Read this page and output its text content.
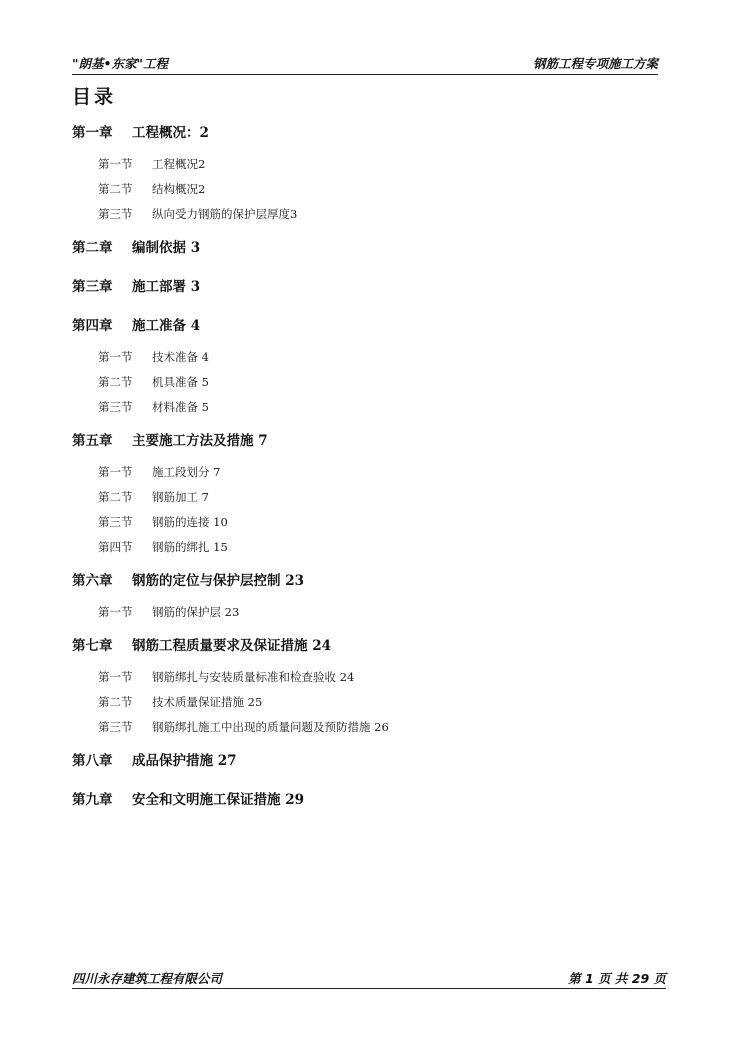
"朗基•东家"工程	钢筋工程专项施工方案
目录
第一章 工程概况：2
第一节 工程概况2
第二节 结构概况2
第三节 纵向受力钢筋的保护层厚度3
第二章 编制依据 3
第三章 施工部署 3
第四章 施工准备 4
第一节 技术准备 4
第二节 机具准备 5
第三节 材料准备 5
第五章 主要施工方法及措施 7
第一节 施工段划分 7
第二节 钢筋加工 7
第三节 钢筋的连接 10
第四节 钢筋的绑扎 15
第六章 钢筋的定位与保护层控制 23
第一节 钢筋的保护层 23
第七章 钢筋工程质量要求及保证措施 24
第一节 钢筋绑扎与安装质量标准和检查验收 24
第二节 技术质量保证措施 25
第三节 钢筋绑扎施工中出现的质量问题及预防措施 26
第八章 成品保护措施 27
第九章 安全和文明施工保证措施 29
四川永存建筑工程有限公司	第 1 页 共 29 页
